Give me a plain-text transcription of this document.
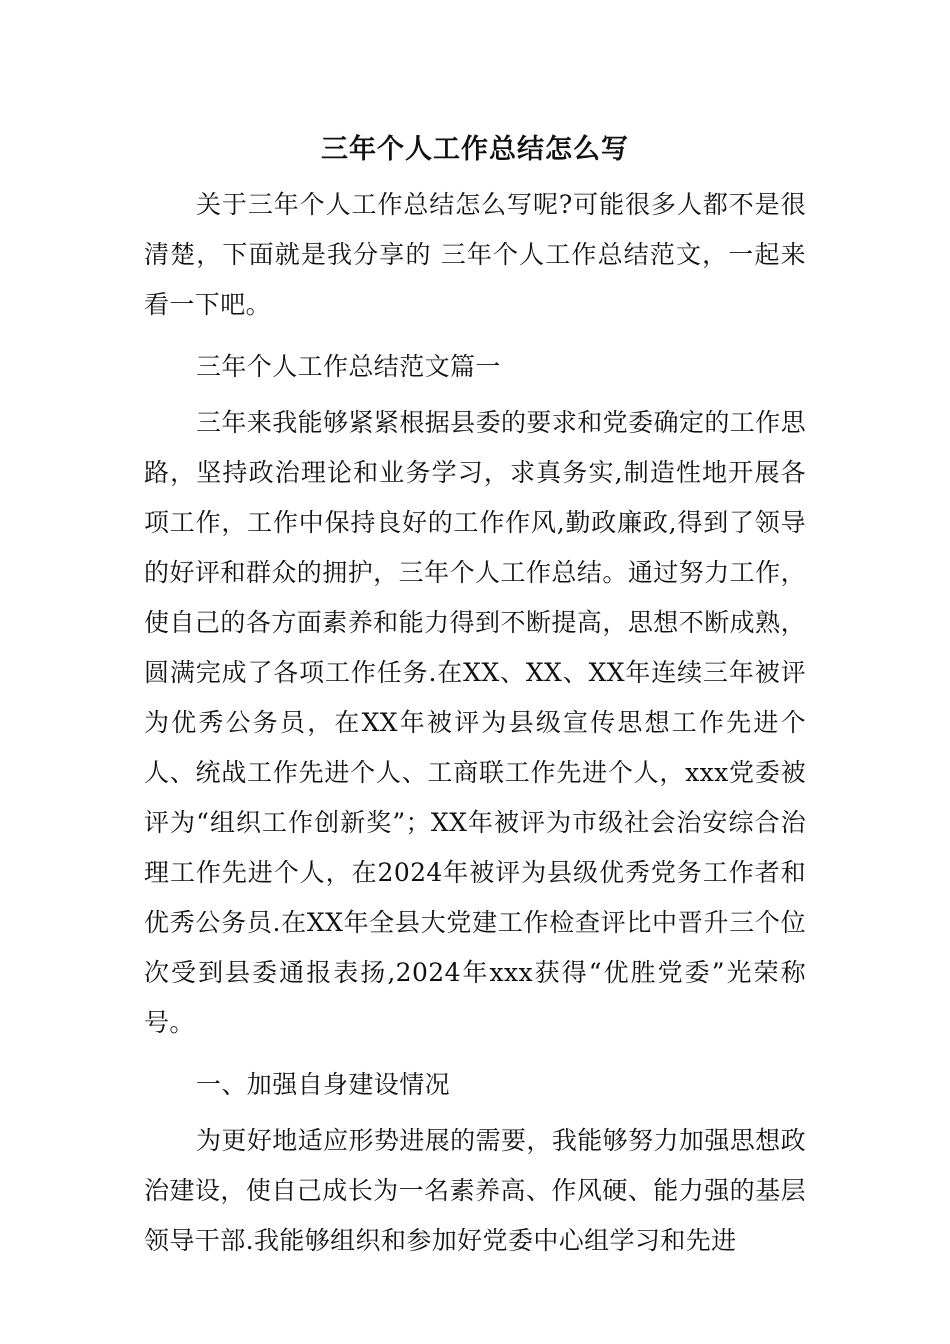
三年个人工作总结怎么写

关于三年个人工作总结怎么写呢?可能很多人都不是很清楚，下面就是我分享的 三年个人工作总结范文，一起来看一下吧。

三年个人工作总结范文篇一

三年来我能够紧紧根据县委的要求和党委确定的工作思路，坚持政治理论和业务学习，求真务实,制造性地开展各项工作，工作中保持良好的工作作风,勤政廉政,得到了领导的好评和群众的拥护，三年个人工作总结。通过努力工作，使自己的各方面素养和能力得到不断提高，思想不断成熟，圆满完成了各项工作任务.在XX、XX、XX年连续三年被评为优秀公务员，在XX年被评为县级宣传思想工作先进个人、统战工作先进个人、工商联工作先进个人，xxx党委被评为“组织工作创新奖”；XX年被评为市级社会治安综合治理工作先进个人，在2024年被评为县级优秀党务工作者和优秀公务员.在XX年全县大党建工作检查评比中晋升三个位次受到县委通报表扬,2024年xxx获得“优胜党委”光荣称号。

一、加强自身建设情况

为更好地适应形势进展的需要，我能够努力加强思想政治建设，使自己成长为一名素养高、作风硬、能力强的基层领导干部.我能够组织和参加好党委中心组学习和先进
